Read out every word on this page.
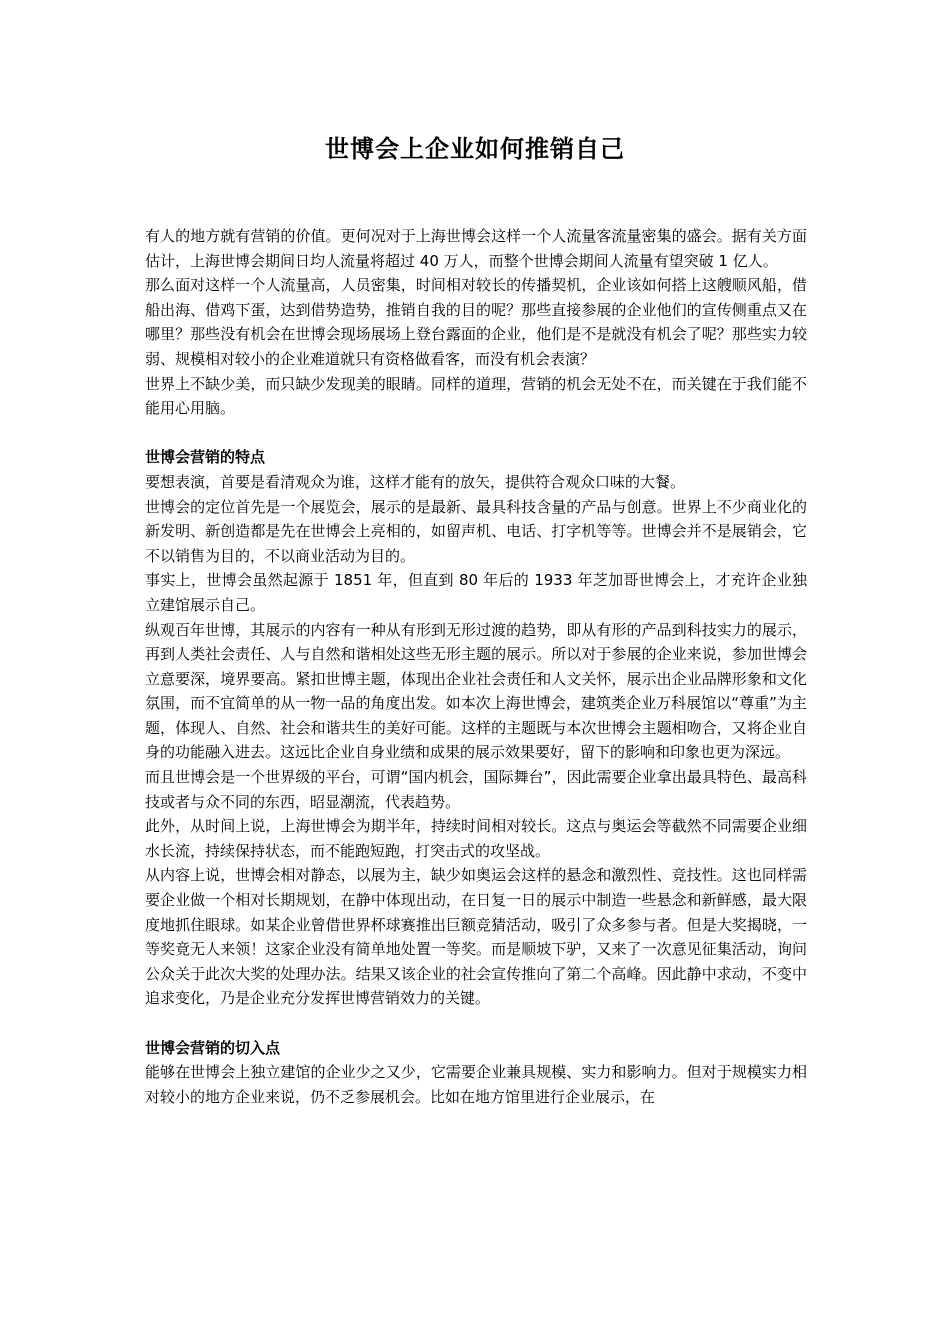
世博会上企业如何推销自己

有人的地方就有营销的价值。更何况对于上海世博会这样一个人流量客流量密集的盛会。据有关方面估计，上海世博会期间日均人流量将超过 40 万人，而整个世博会期间人流量有望突破 1 亿人。

那么面对这样一个人流量高，人员密集，时间相对较长的传播契机，企业该如何搭上这艘顺风船，借船出海、借鸡下蛋，达到借势造势，推销自我的目的呢？那些直接参展的企业他们的宣传侧重点又在哪里？那些没有机会在世博会现场展场上登台露面的企业，他们是不是就没有机会了呢？那些实力较弱、规模相对较小的企业难道就只有资格做看客，而没有机会表演？

世界上不缺少美，而只缺少发现美的眼睛。同样的道理，营销的机会无处不在，而关键在于我们能不能用心用脑。

世博会营销的特点

要想表演，首要是看清观众为谁，这样才能有的放矢，提供符合观众口味的大餐。

世博会的定位首先是一个展览会，展示的是最新、最具科技含量的产品与创意。世界上不少商业化的新发明、新创造都是先在世博会上亮相的，如留声机、电话、打字机等等。世博会并不是展销会，它不以销售为目的，不以商业活动为目的。

事实上，世博会虽然起源于 1851 年，但直到 80 年后的 1933 年芝加哥世博会上，才充许企业独立建馆展示自己。

纵观百年世博，其展示的内容有一种从有形到无形过渡的趋势，即从有形的产品到科技实力的展示，再到人类社会责任、人与自然和谐相处这些无形主题的展示。所以对于参展的企业来说，参加世博会立意要深，境界要高。紧扣世博主题，体现出企业社会责任和人文关怀，展示出企业品牌形象和文化氛围，而不宜简单的从一物一品的角度出发。如本次上海世博会，建筑类企业万科展馆以“尊重”为主题，体现人、自然、社会和谐共生的美好可能。这样的主题既与本次世博会主题相吻合，又将企业自身的功能融入进去。这远比企业自身业绩和成果的展示效果要好，留下的影响和印象也更为深远。

而且世博会是一个世界级的平台，可谓“国内机会，国际舞台”，因此需要企业拿出最具特色、最高科技或者与众不同的东西，昭显潮流，代表趋势。

此外，从时间上说，上海世博会为期半年，持续时间相对较长。这点与奥运会等截然不同需要企业细水长流，持续保持状态，而不能跑短跑，打突击式的攻坚战。

从内容上说，世博会相对静态，以展为主，缺少如奥运会这样的悬念和激烈性、竞技性。这也同样需要企业做一个相对长期规划，在静中体现出动，在日复一日的展示中制造一些悬念和新鲜感，最大限度地抓住眼球。如某企业曾借世界杯球赛推出巨额竞猜活动，吸引了众多参与者。但是大奖揭晓，一等奖竟无人来领！这家企业没有简单地处置一等奖。而是顺坡下驴，又来了一次意见征集活动，询问公众关于此次大奖的处理办法。结果又该企业的社会宣传推向了第二个高峰。因此静中求动，不变中追求变化，乃是企业充分发挥世博营销效力的关键。

世博会营销的切入点

能够在世博会上独立建馆的企业少之又少，它需要企业兼具规模、实力和影响力。但对于规模实力相对较小的地方企业来说，仍不乏参展机会。比如在地方馆里进行企业展示，在
